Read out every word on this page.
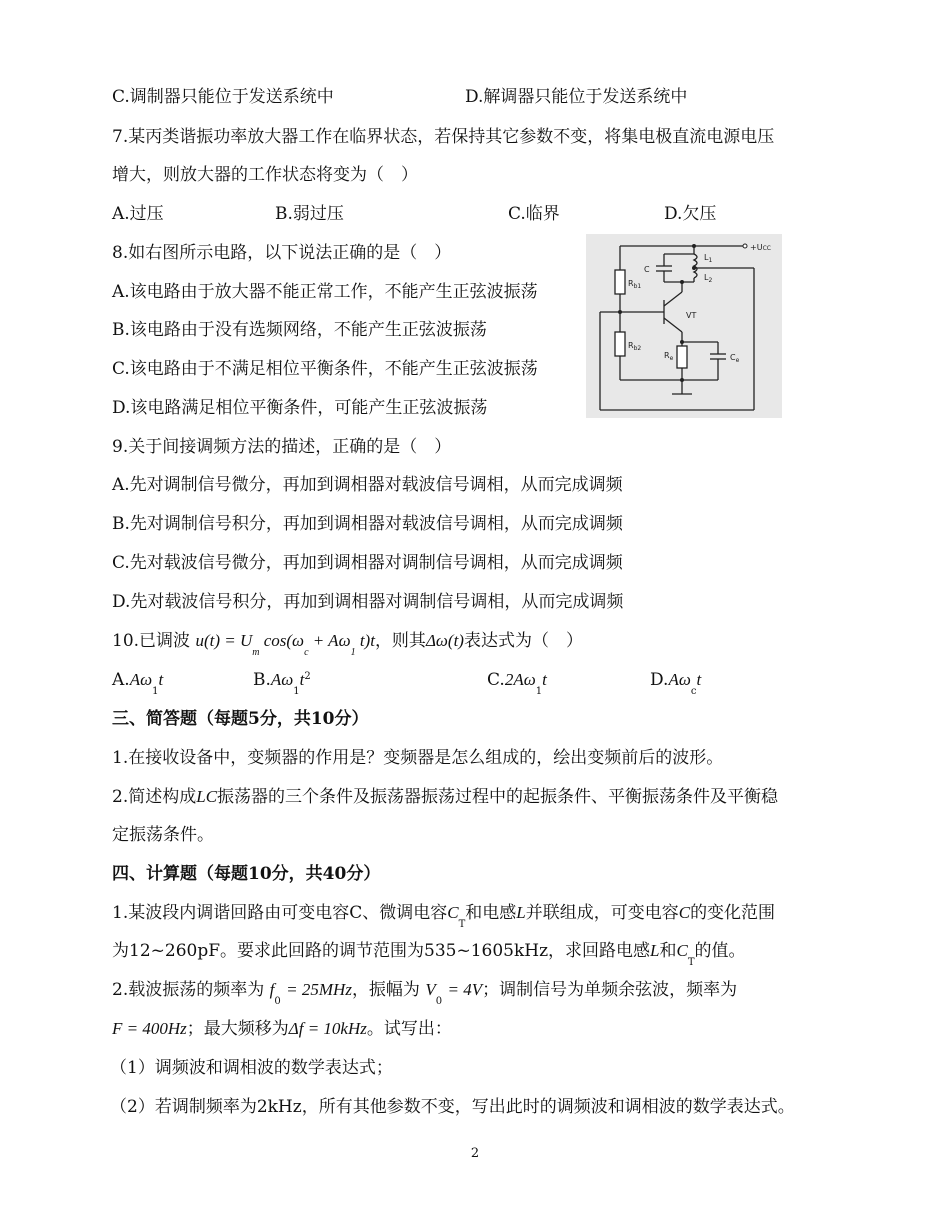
C.调制器只能位于发送系统中	D.解调器只能位于发送系统中
7.某丙类谐振功率放大器工作在临界状态，若保持其它参数不变，将集电极直流电源电压
增大，则放大器的工作状态将变为（　）
A.过压	B.弱过压	C.临界	D.欠压
8.如右图所示电路，以下说法正确的是（　）
A.该电路由于放大器不能正常工作，不能产生正弦波振荡
B.该电路由于没有选频网络，不能产生正弦波振荡
C.该电路由于不满足相位平衡条件，不能产生正弦波振荡
D.该电路满足相位平衡条件，可能产生正弦波振荡
+UCC
C
$L_1$
$L_2$
$R_{b1}$
$R_{b2}$
VT
$R_e$	$C_e$
9.关于间接调频方法的描述，正确的是（　）
A.先对调制信号微分，再加到调相器对载波信号调相，从而完成调频
B.先对调制信号积分，再加到调相器对载波信号调相，从而完成调频
C.先对载波信号微分，再加到调相器对调制信号调相，从而完成调频
D.先对载波信号积分，再加到调相器对调制信号调相，从而完成调频
10.已调波 $u(t) = U_m$ $\cos(\omega_c + A\omega_1$ t)t，则其Δω(t)表达式为（　）
$A.A\omega_1t$	$B.A\omega_1t^2$	$C.2A\omega_1t$	$D.A\omega_ct$
三、简答题（每题5分，共10分）
1.在接收设备中，变频器的作用是？变频器是怎么组成的，绘出变频前后的波形。
2.简述构成LC振荡器的三个条件及振荡器振荡过程中的起振条件、平衡振荡条件及平衡稳
定振荡条件。
四、计算题（每题10分，共40分）
1.某波段内调谐回路由可变电容C、微调电容$C_T$和电感L并联组成，可变电容C的变化范围
为12~260pF。要求此回路的调节范围为535~1605kHz，求回路电感L和$C_T$的值。
2.载波振荡的频率为 $f_0 = 25MHz$，振幅为 $V_0 = 4V$；调制信号为单频余弦波，频率为
F = 400Hz；最大频移为Δf = 10kHz。试写出：
（1）调频波和调相波的数学表达式；
（2）若调制频率为2kHz，所有其他参数不变，写出此时的调频波和调相波的数学表达式。
2
